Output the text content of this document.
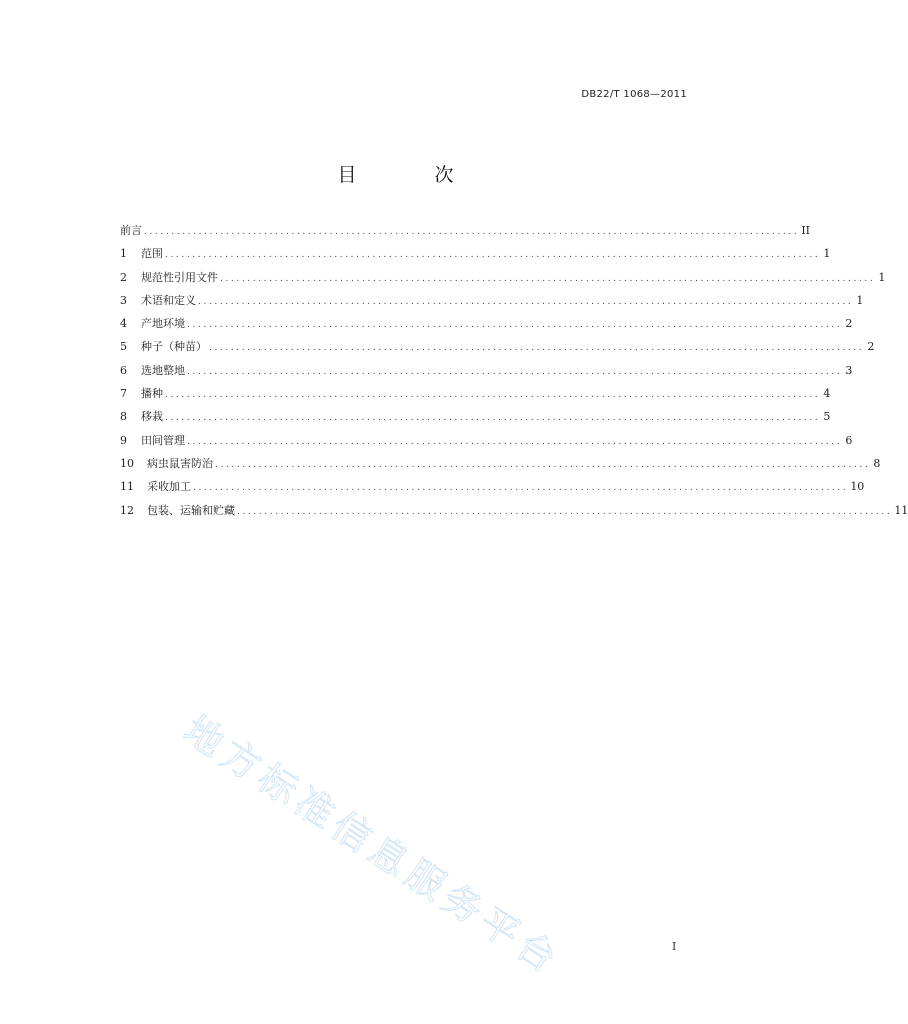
DB22/T 1068—2011
目 次
前言 ........................................................................................................................ II
1	范围 ........................................................................................................................ 1
2	规范性引用文件 ........................................................................................................................ 1
3	术语和定义 ........................................................................................................................ 1
4	产地环境 ........................................................................................................................ 2
5	种子（种苗） ........................................................................................................................ 2
6	选地整地 ........................................................................................................................ 3
7	播种 ........................................................................................................................ 4
8	移栽 ........................................................................................................................ 5
9	田间管理 ........................................................................................................................ 6
10	病虫鼠害防治 ........................................................................................................................ 8
11	采收加工 ........................................................................................................................ 10
12	包装、运输和贮藏 ........................................................................................................................ 11
地方标准信息服务平台	I
